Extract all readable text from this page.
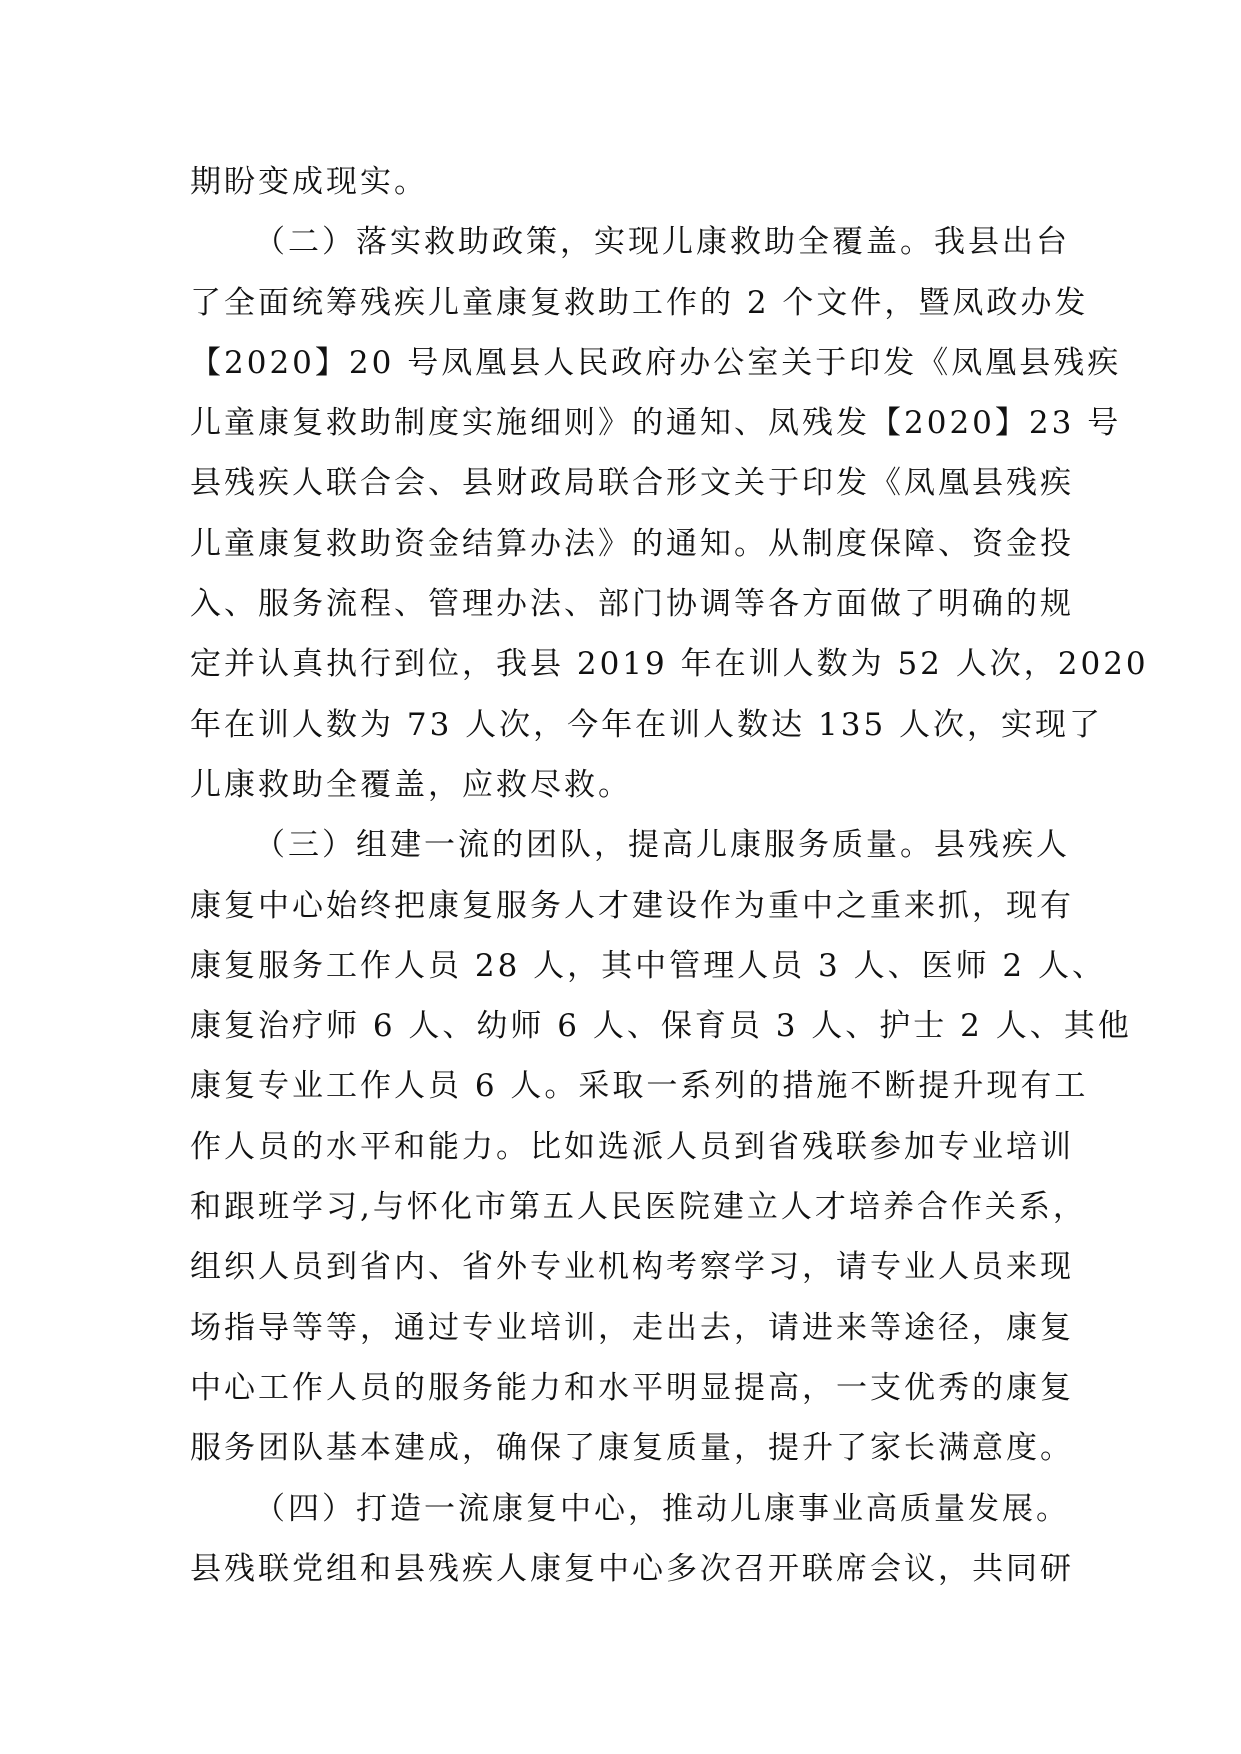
期盼变成现实。
（二）落实救助政策，实现儿康救助全覆盖。我县出台
了全面统筹残疾儿童康复救助工作的 2 个文件，暨凤政办发
【2020】20 号凤凰县人民政府办公室关于印发《凤凰县残疾
儿童康复救助制度实施细则》的通知、凤残发【2020】23 号
县残疾人联合会、县财政局联合形文关于印发《凤凰县残疾
儿童康复救助资金结算办法》的通知。从制度保障、资金投
入、服务流程、管理办法、部门协调等各方面做了明确的规
定并认真执行到位，我县 2019 年在训人数为 52 人次，2020
年在训人数为 73 人次，今年在训人数达 135 人次，实现了
儿康救助全覆盖，应救尽救。
（三）组建一流的团队，提高儿康服务质量。县残疾人
康复中心始终把康复服务人才建设作为重中之重来抓，现有
康复服务工作人员 28 人，其中管理人员 3 人、医师 2 人、
康复治疗师 6 人、幼师 6 人、保育员 3 人、护士 2 人、其他
康复专业工作人员 6 人。采取一系列的措施不断提升现有工
作人员的水平和能力。比如选派人员到省残联参加专业培训
和跟班学习,与怀化市第五人民医院建立人才培养合作关系，
组织人员到省内、省外专业机构考察学习，请专业人员来现
场指导等等，通过专业培训，走出去，请进来等途径，康复
中心工作人员的服务能力和水平明显提高，一支优秀的康复
服务团队基本建成，确保了康复质量，提升了家长满意度。
（四）打造一流康复中心，推动儿康事业高质量发展。
县残联党组和县残疾人康复中心多次召开联席会议，共同研
